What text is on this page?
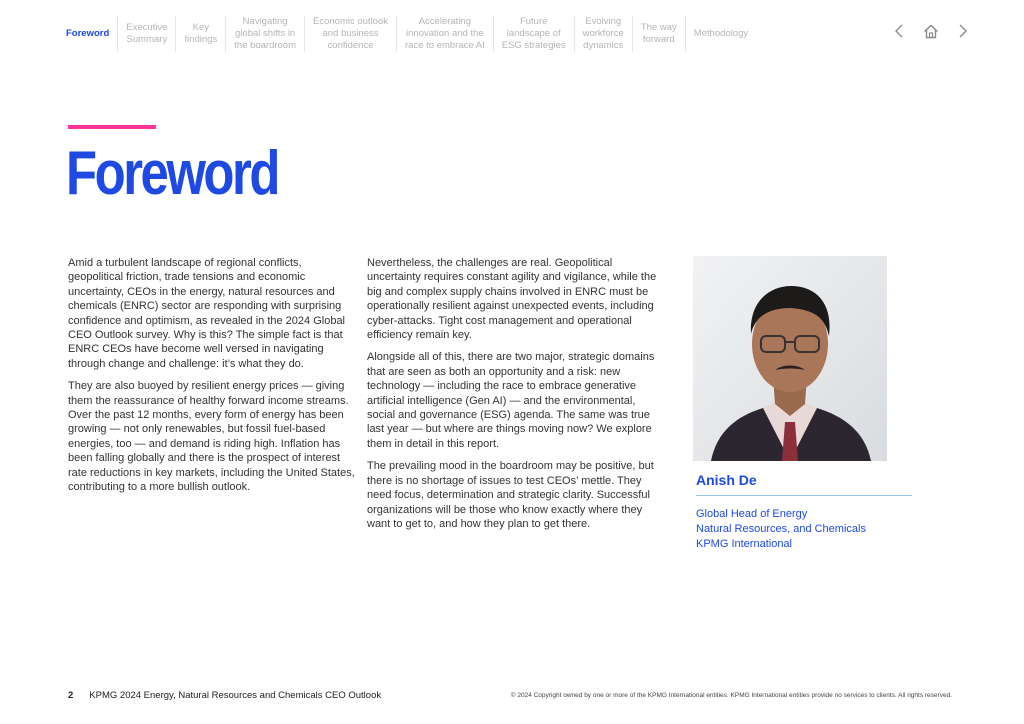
Foreword
Executive
Summary
Key
findings
Navigating
global shifts in
the boardroom
Economic outlook
and business
confidence
Accelerating
innovation and the
race to embrace AI
Future
landscape of
ESG strategies
Evolving
workforce
dynamics
The way
forward
Methodology
Foreword

Amid a turbulent landscape of regional conflicts, geopolitical friction, trade tensions and economic uncertainty, CEOs in the energy, natural resources and chemicals (ENRC) sector are responding with surprising confidence and optimism, as revealed in the 2024 Global CEO Outlook survey. Why is this? The simple fact is that ENRC CEOs have become well versed in navigating through change and challenge: it’s what they do.

They are also buoyed by resilient energy prices — giving them the reassurance of healthy forward income streams. Over the past 12 months, every form of energy has been growing — not only renewables, but fossil fuel-based energies, too — and demand is riding high. Inflation has been falling globally and there is the prospect of interest rate reductions in key markets, including the United States, contributing to a more bullish outlook.

Nevertheless, the challenges are real. Geopolitical uncertainty requires constant agility and vigilance, while the big and complex supply chains involved in ENRC must be operationally resilient against unexpected events, including cyber-attacks. Tight cost management and operational efficiency remain key.

Alongside all of this, there are two major, strategic domains that are seen as both an opportunity and a risk: new technology — including the race to embrace generative artificial intelligence (Gen AI) — and the environmental, social and governance (ESG) agenda. The same was true last year — but where are things moving now? We explore them in detail in this report.

The prevailing mood in the boardroom may be positive, but there is no shortage of issues to test CEOs’ mettle. They need focus, determination and strategic clarity. Successful organizations will be those who know exactly where they want to get to, and how they plan to get there.

Anish De
Global Head of Energy
Natural Resources, and Chemicals
KPMG International
2 KPMG 2024 Energy, Natural Resources and Chemicals CEO Outlook	© 2024 Copyright owned by one or more of the KPMG International entities. KPMG International entities provide no services to clients. All rights reserved.
